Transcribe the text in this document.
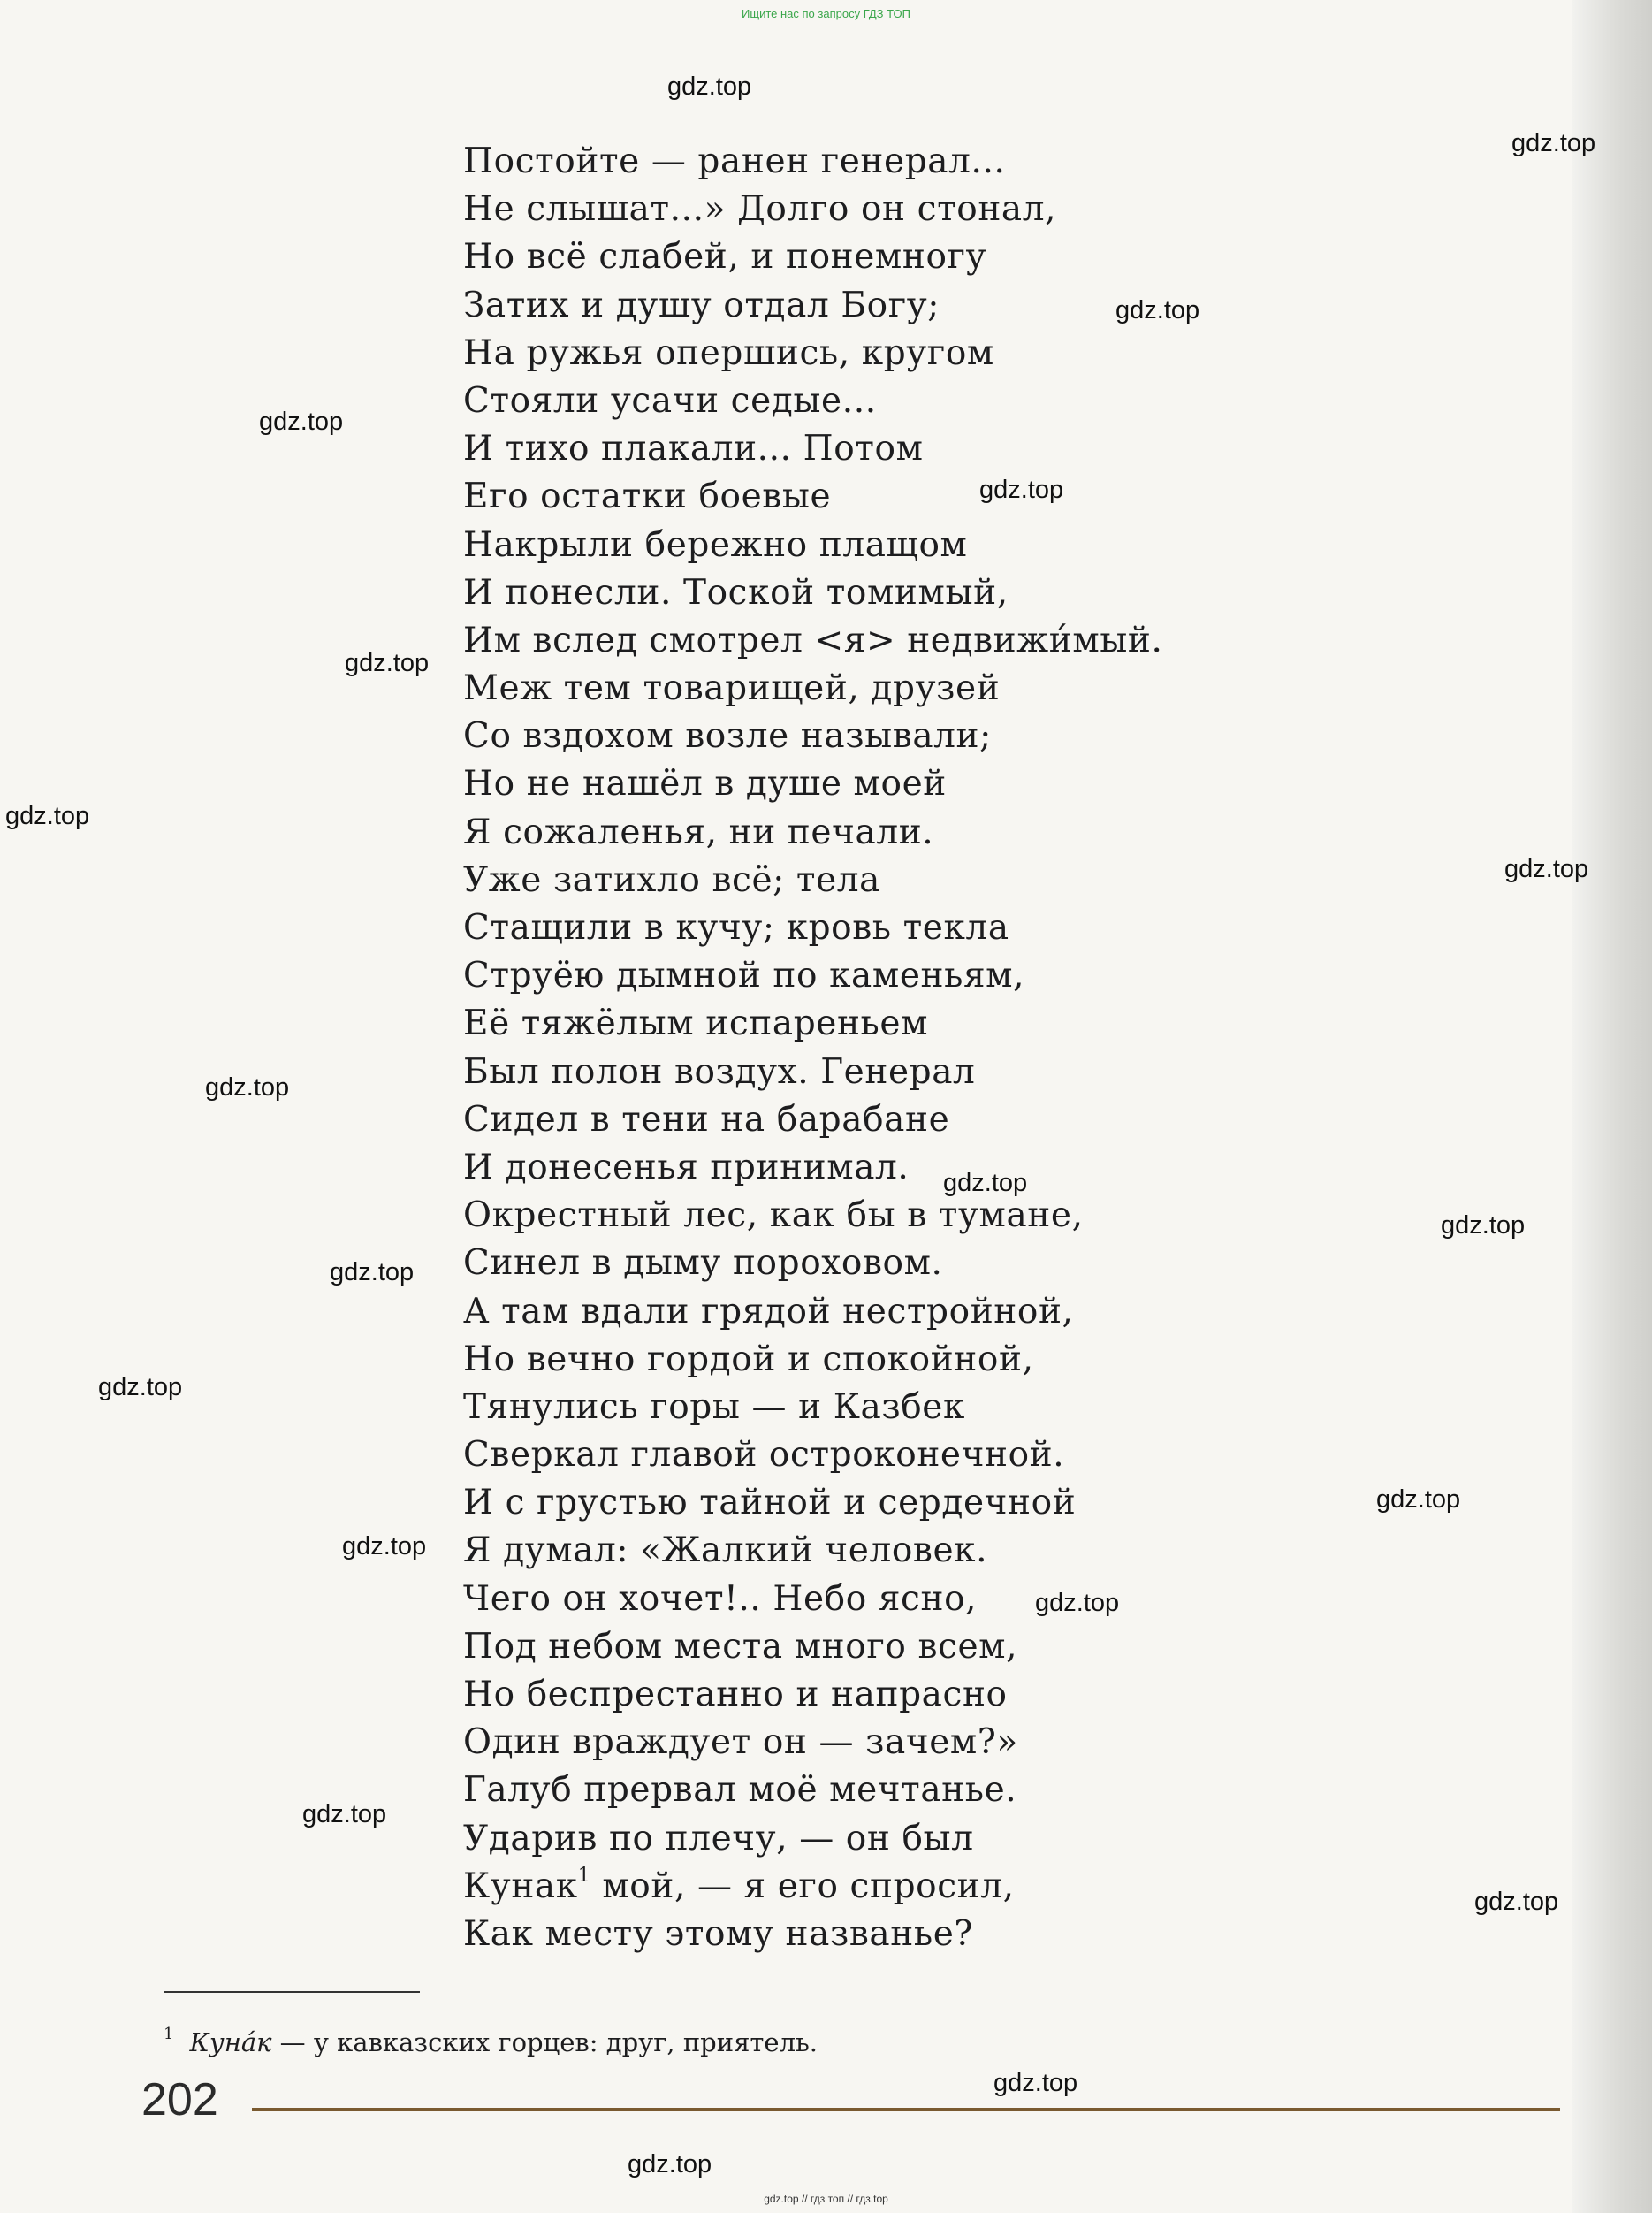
Ищите нас по запросу ГДЗ ТОП
Постойте — ранен генерал...
Не слышат...» Долго он стонал,
Но всё слабей, и понемногу
Затих и душу отдал Богу;
На ружья опершись, кругом
Стояли усачи седые...
И тихо плакали... Потом
Его остатки боевые
Накрыли бережно плащом
И понесли. Тоской томимый,
Им вслед смотрел <я> недвижи́мый.
Меж тем товарищей, друзей
Со вздохом возле называли;
Но не нашёл в душе моей
Я сожаленья, ни печали.
Уже затихло всё; тела
Стащили в кучу; кровь текла
Струёю дымной по каменьям,
Её тяжёлым испареньем
Был полон воздух. Генерал
Сидел в тени на барабане
И донесенья принимал.
Окрестный лес, как бы в тумане,
Синел в дыму пороховом.
А там вдали грядой нестройной,
Но вечно гордой и спокойной,
Тянулись горы — и Казбек
Сверкал главой остроконечной.
И с грустью тайной и сердечной
Я думал: «Жалкий человек.
Чего он хочет!.. Небо ясно,
Под небом места много всем,
Но беспрестанно и напрасно
Один враждует он — зачем?»
Галуб прервал моё мечтанье.
Ударив по плечу, — он был
Кунак$^1$ мой, — я его спросил,
Как месту этому названье?
$^1$ Куна́к — у кавказских горцев: друг, приятель.
202
gdz.top
gdz.top
gdz.top
gdz.top
gdz.top
gdz.top
gdz.top
gdz.top
gdz.top
gdz.top
gdz.top
gdz.top
gdz.top
gdz.top
gdz.top
gdz.top
gdz.top
gdz.top
gdz.top
gdz.top
gdz.top // гдз топ // гдз.top
